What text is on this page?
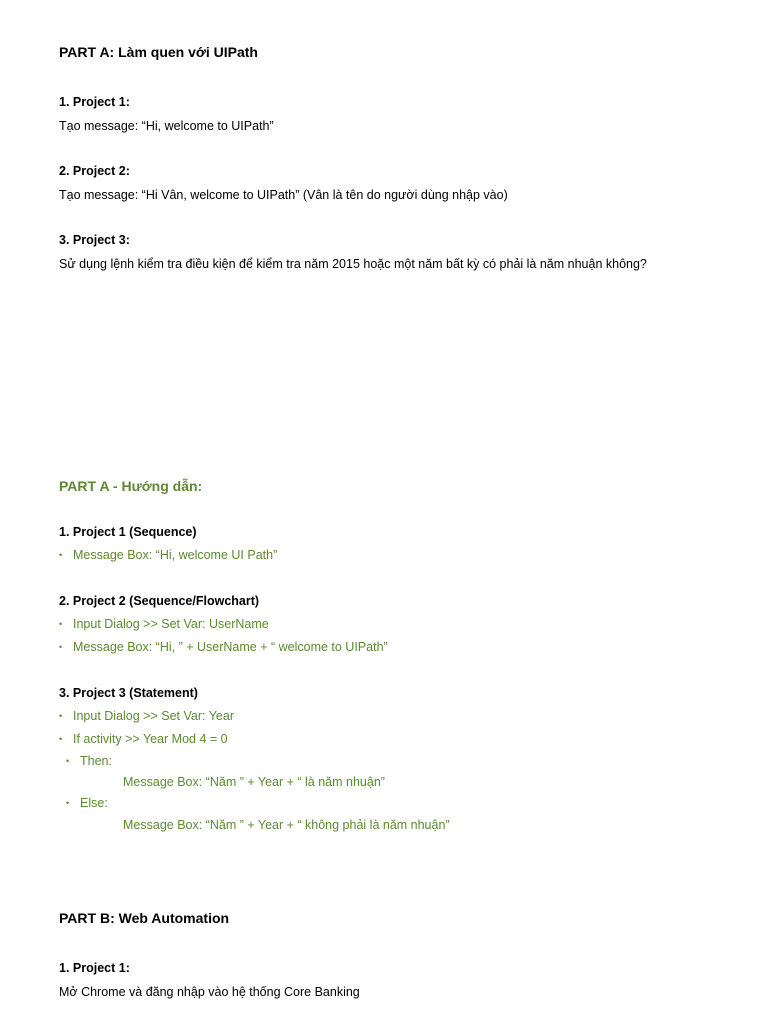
PART A: Làm quen với UIPath
1. Project 1:
Tạo message: “Hi, welcome to UIPath”
2. Project 2:
Tạo message: “Hi Vân, welcome to UIPath” (Vân là tên do người dùng nhập vào)
3. Project 3:
Sử dụng lệnh kiểm tra điều kiện để kiểm tra năm 2015 hoặc một năm bất kỳ có phải là năm nhuận không?
PART A - Hướng dẫn:
1. Project 1 (Sequence)
• Message Box: “Hi, welcome UI Path”
2. Project 2 (Sequence/Flowchart)
• Input Dialog >> Set Var: UserName
• Message Box: “Hi, ” + UserName + “ welcome to UIPath”
3. Project 3 (Statement)
• Input Dialog >> Set Var: Year
• If activity >> Year Mod 4 = 0
• Then:
Message Box: “Năm ” + Year + “ là năm nhuận”
• Else:
Message Box: “Năm ” + Year + “ không phải là năm nhuận”
PART B: Web Automation
1. Project 1:
Mở Chrome và đăng nhập vào hệ thống Core Banking
